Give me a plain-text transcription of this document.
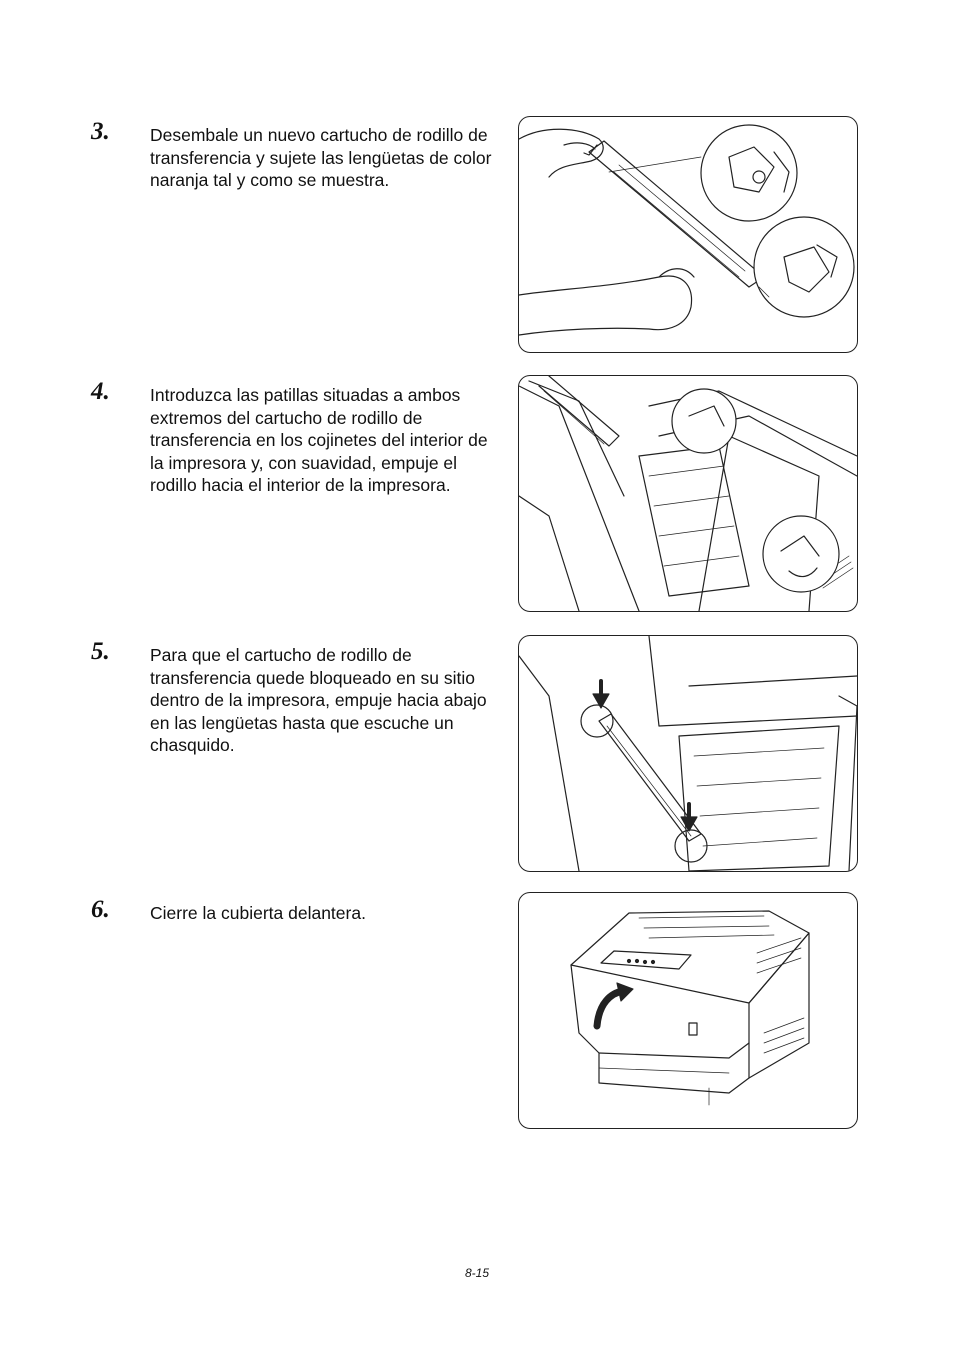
3. Desembale un nuevo cartucho de rodillo de transferencia y sujete las lengüetas de color naranja tal y como se muestra.
4. Introduzca las patillas situadas a ambos extremos del cartucho de rodillo de transferencia en los cojinetes del interior de la impresora y, con suavidad, empuje el rodillo hacia el interior de la impresora.
5. Para que el cartucho de rodillo de transferencia quede bloqueado en su sitio dentro de la impresora, empuje hacia abajo en las lengüetas hasta que escuche un chasquido.
6. Cierre la cubierta delantera.
8-15
